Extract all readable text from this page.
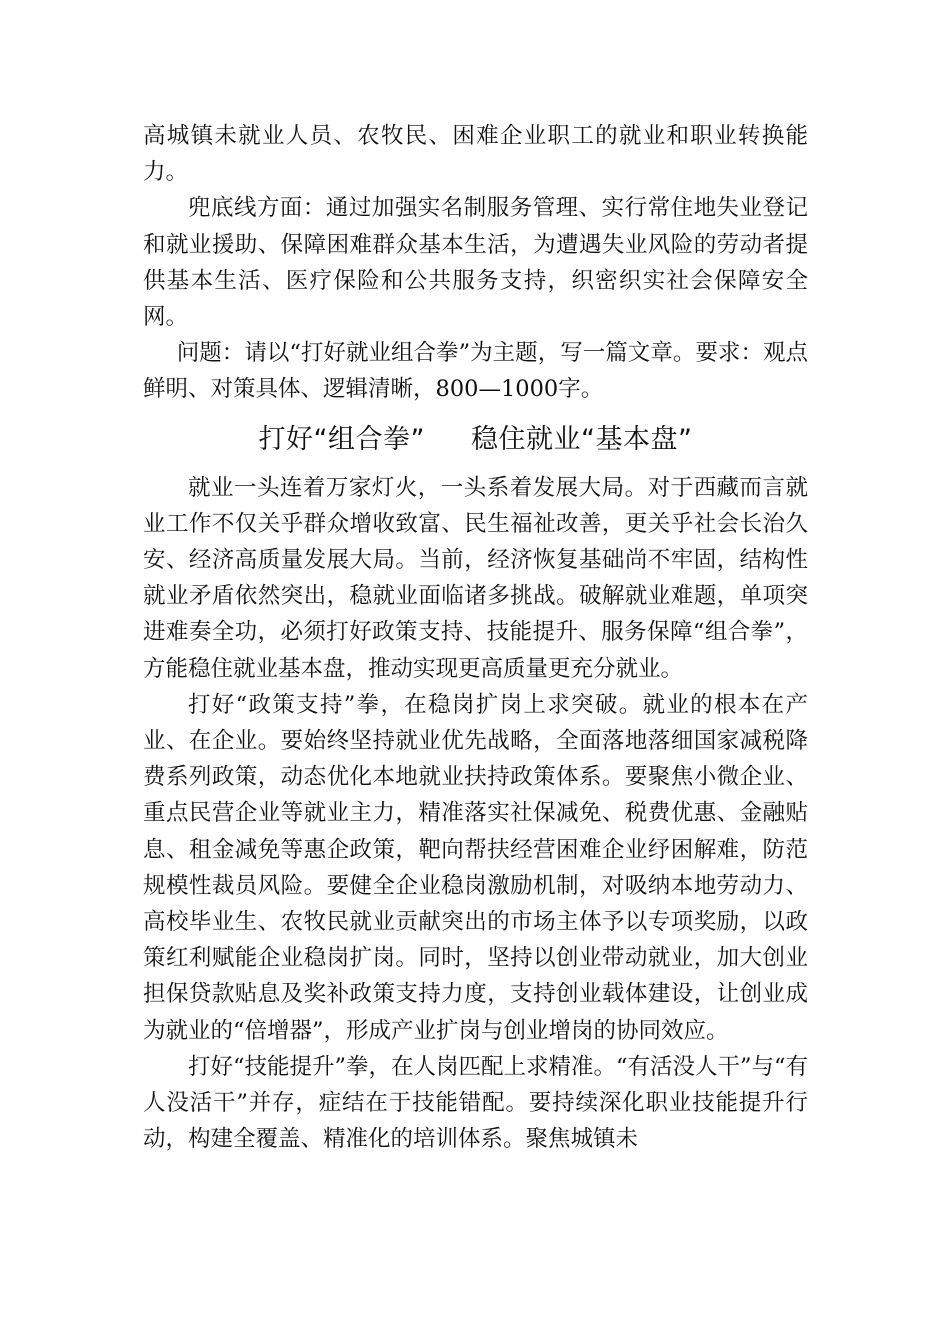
高城镇未就业人员、农牧民、困难企业职工的就业和职业转换能力。

兜底线方面：通过加强实名制服务管理、实行常住地失业登记和就业援助、保障困难群众基本生活，为遭遇失业风险的劳动者提供基本生活、医疗保险和公共服务支持，织密织实社会保障安全网。

问题：请以“打好就业组合拳”为主题，写一篇文章。要求：观点鲜明、对策具体、逻辑清晰，800—1000字。

打好“组合拳” 稳住就业“基本盘”

就业一头连着万家灯火，一头系着发展大局。对于西藏而言就业工作不仅关乎群众增收致富、民生福祉改善，更关乎社会长治久安、经济高质量发展大局。当前，经济恢复基础尚不牢固，结构性就业矛盾依然突出，稳就业面临诸多挑战。破解就业难题，单项突进难奏全功，必须打好政策支持、技能提升、服务保障“组合拳”，方能稳住就业基本盘，推动实现更高质量更充分就业。

打好“政策支持”拳，在稳岗扩岗上求突破。就业的根本在产业、在企业。要始终坚持就业优先战略，全面落地落细国家减税降费系列政策，动态优化本地就业扶持政策体系。要聚焦小微企业、重点民营企业等就业主力，精准落实社保减免、税费优惠、金融贴息、租金减免等惠企政策，靶向帮扶经营困难企业纾困解难，防范规模性裁员风险。要健全企业稳岗激励机制，对吸纳本地劳动力、高校毕业生、农牧民就业贡献突出的市场主体予以专项奖励，以政策红利赋能企业稳岗扩岗。同时，坚持以创业带动就业，加大创业担保贷款贴息及奖补政策支持力度，支持创业载体建设，让创业成为就业的“倍增器”，形成产业扩岗与创业增岗的协同效应。

打好“技能提升”拳，在人岗匹配上求精准。“有活没人干”与“有人没活干”并存，症结在于技能错配。要持续深化职业技能提升行动，构建全覆盖、精准化的培训体系。聚焦城镇未
